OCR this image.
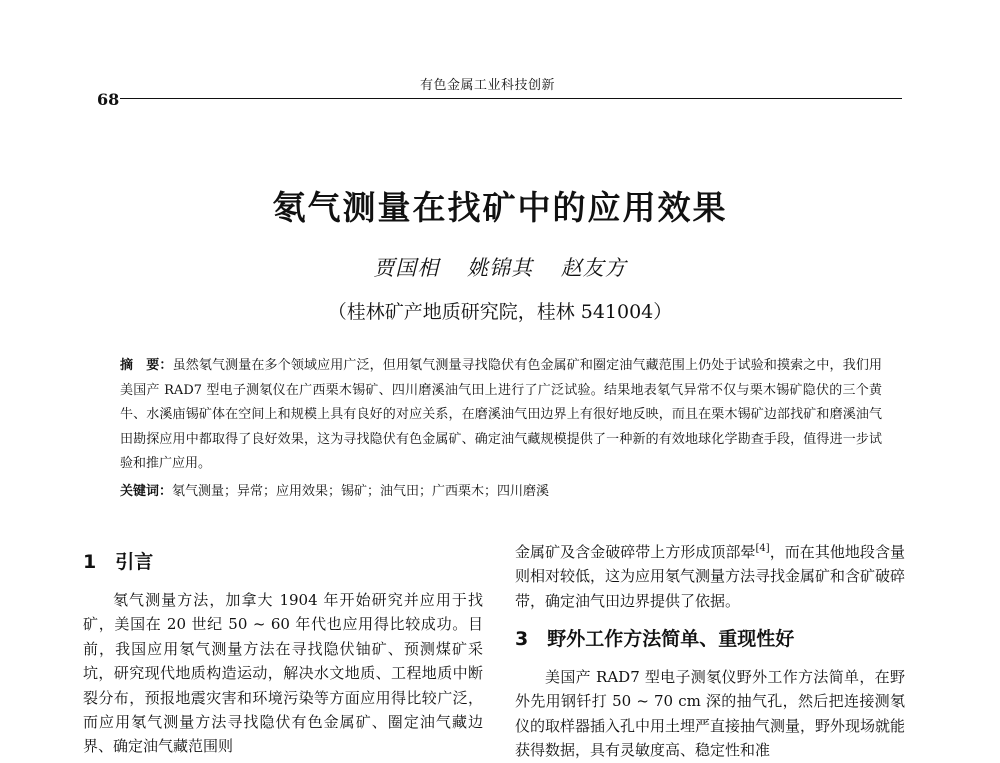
68
有色金属工业科技创新
氡气测量在找矿中的应用效果
贾国相 姚锦其 赵友方
（桂林矿产地质研究院，桂林 541004）
摘　要：虽然氡气测量在多个领域应用广泛，但用氡气测量寻找隐伏有色金属矿和圈定油气藏范围上仍处于试验和摸索之中，我们用美国产 RAD7 型电子测氡仪在广西栗木锡矿、四川磨溪油气田上进行了广泛试验。结果地表氡气异常不仅与栗木锡矿隐伏的三个黄牛、水溪庙锡矿体在空间上和规模上具有良好的对应关系，在磨溪油气田边界上有很好地反映，而且在栗木锡矿边部找矿和磨溪油气田勘探应用中都取得了良好效果，这为寻找隐伏有色金属矿、确定油气藏规模提供了一种新的有效地球化学勘查手段，值得进一步试验和推广应用。
关键词：氡气测量；异常；应用效果；锡矿；油气田；广西栗木；四川磨溪
1　引言

氡气测量方法，加拿大 1904 年开始研究并应用于找矿，美国在 20 世纪 50 ~ 60 年代也应用得比较成功。目前，我国应用氡气测量方法在寻找隐伏铀矿、预测煤矿采坑，研究现代地质构造运动，解决水文地质、工程地质中断裂分布，预报地震灾害和环境污染等方面应用得比较广泛，而应用氡气测量方法寻找隐伏有色金属矿、圈定油气藏边界、确定油气藏范围则

金属矿及含金破碎带上方形成顶部晕[4]，而在其他地段含量则相对较低，这为应用氡气测量方法寻找金属矿和含矿破碎带，确定油气田边界提供了依据。

3　野外工作方法简单、重现性好

美国产 RAD7 型电子测氡仪野外工作方法简单，在野外先用钢钎打 50 ~ 70 cm 深的抽气孔，然后把连接测氡仪的取样器插入孔中用土埋严直接抽气测量，野外现场就能获得数据，具有灵敏度高、稳定性和准
